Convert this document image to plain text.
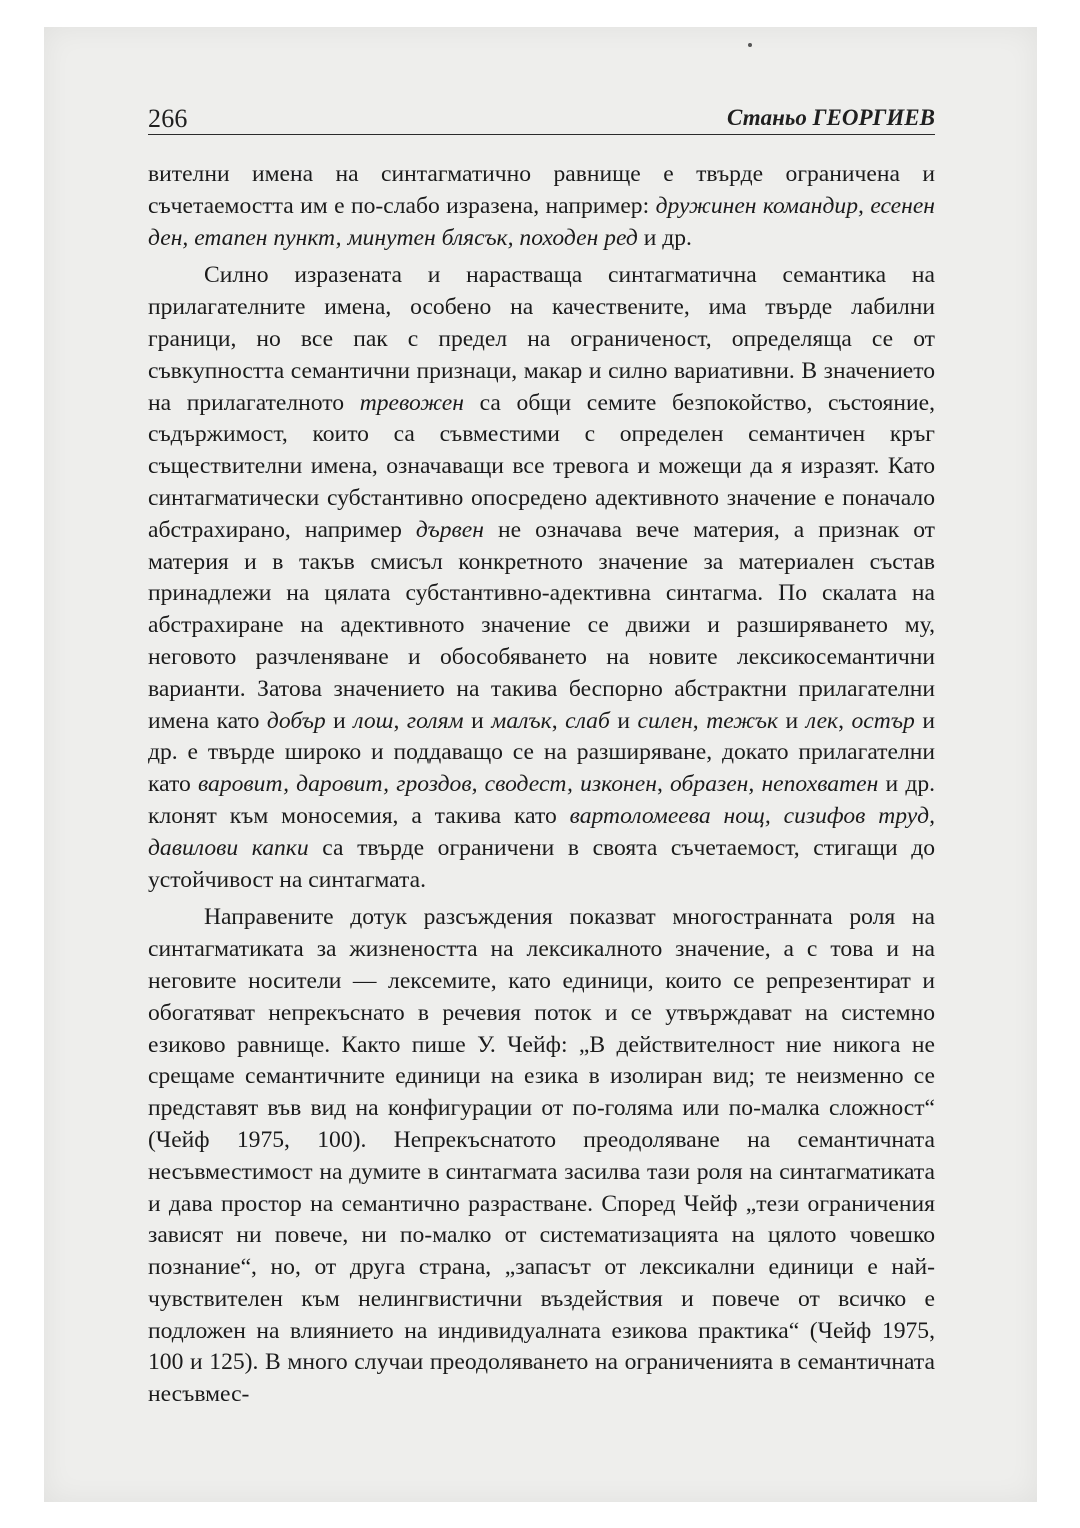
266	Станьо ГЕОРГИЕВ

вителни имена на синтагматично равнище е твърде ограничена и съчетаемостта им е по-слабо изразена, например: дружинен командир, есенен ден, етапен пункт, минутен блясък, походен ред и др.

Силно изразената и нарастваща синтагматична семантика на прилагателните имена, особено на качествените, има твърде лабилни граници, но все пак с предел на ограниченост, определяща се от съвкупността семантични признаци, макар и силно вариативни. В значението на прилагателното тревожен са общи семите безпокойство, състояние, съдържимост, които са съвместими с определен семантичен кръг съществителни имена, означаващи все тревога и можещи да я изразят. Като синтагматически субстантивно опосредено адективното значение е поначало абстрахирано, например дървен не означава вече материя, а признак от материя и в такъв смисъл конкретното значение за материален състав принадлежи на цялата субстантивно-адективна синтагма. По скалата на абстрахиране на адективното значение се движи и разширяването му, неговото разчленяване и обособяването на новите лексикосемантични варианти. Затова значението на такива беспорно абстрактни прилагателни имена като добър и лош, голям и малък, слаб и силен, тежък и лек, остър и др. е твърде широко и поддаващо се на разширяване, докато прилагателни като варовит, даровит, гроздов, сводест, изконен, образен, непохватен и др. клонят към моносемия, а такива като вартоломеева нощ, сизифов труд, давилови капки са твърде ограничени в своята съчетаемост, стигащи до устойчивост на синтагмата.

Направените дотук разсъждения показват многостранната роля на синтагматиката за жизнеността на лексикалното значение, а с това и на неговите носители — лексемите, като единици, които се репрезентират и обогатяват непрекъснато в речевия поток и се утвърждават на системно езиково равнище. Както пише У. Чейф: „В действителност ние никога не срещаме семантичните единици на езика в изолиран вид; те неизменно се представят във вид на конфигурации от по-голяма или по-малка сложност“ (Чейф 1975, 100). Непрекъснатото преодоляване на семантичната несъвместимост на думите в синтагмата засилва тази роля на синтагматиката и дава простор на семантично разрастване. Според Чейф „тези ограничения зависят ни повече, ни по-малко от систематизацията на цялото човешко познание“, но, от друга страна, „запасът от лексикални единици е най-чувствителен към нелингвистични въздействия и повече от всичко е подложен на влиянието на индивидуалната езикова практика“ (Чейф 1975, 100 и 125). В много случаи преодоляването на ограниченията в семантичната несъвмес-
